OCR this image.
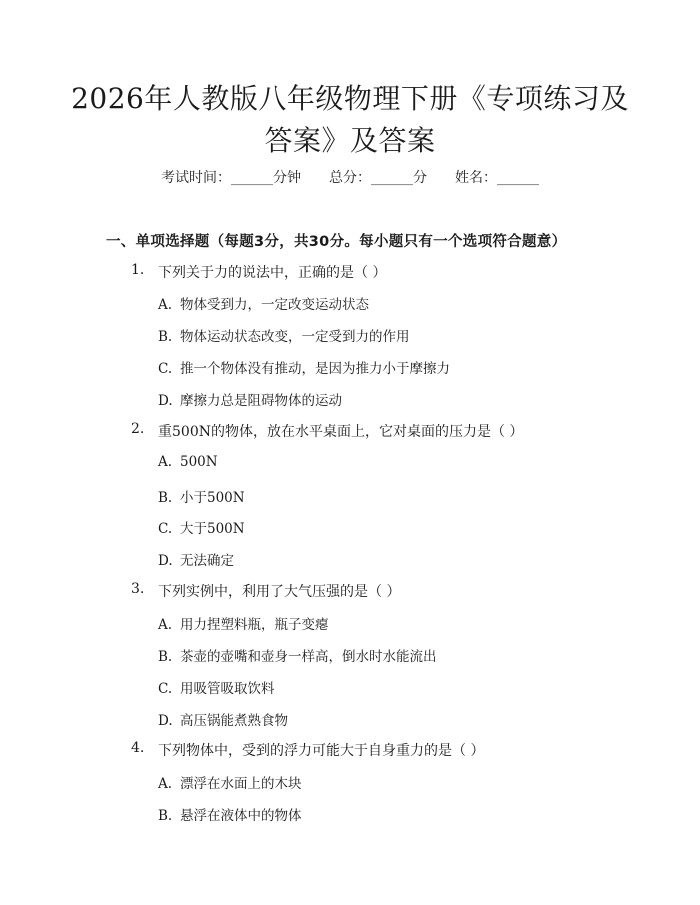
2026年人教版八年级物理下册《专项练习及
答案》及答案
考试时间：______分钟 总分：______分 姓名：______
一、单项选择题（每题3分，共30分。每小题只有一个选项符合题意）
1. 下列关于力的说法中，正确的是（ ）
A. 物体受到力，一定改变运动状态
B. 物体运动状态改变，一定受到力的作用
C. 推一个物体没有推动，是因为推力小于摩擦力
D. 摩擦力总是阻碍物体的运动
2. 重500N的物体，放在水平桌面上，它对桌面的压力是（ ）
A. 500N
B. 小于500N
C. 大于500N
D. 无法确定
3. 下列实例中，利用了大气压强的是（ ）
A. 用力捏塑料瓶，瓶子变瘪
B. 茶壶的壶嘴和壶身一样高，倒水时水能流出
C. 用吸管吸取饮料
D. 高压锅能煮熟食物
4. 下列物体中，受到的浮力可能大于自身重力的是（ ）
A. 漂浮在水面上的木块
B. 悬浮在液体中的物体
